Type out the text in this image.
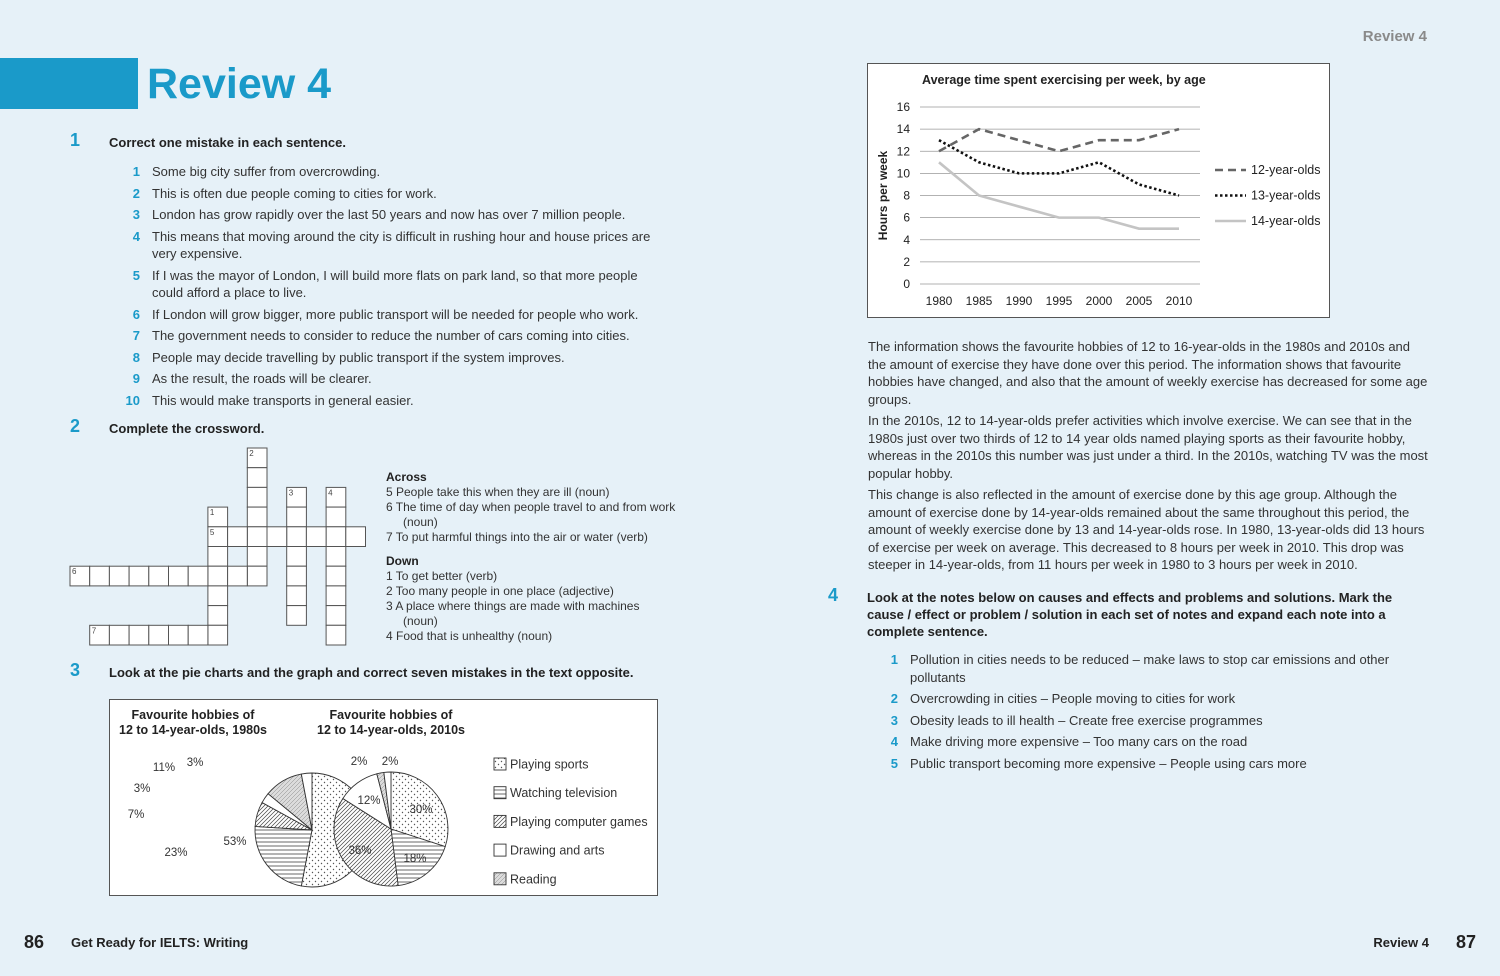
Review 4
Review 4
1 Correct one mistake in each sentence.
1 Some big city suffer from overcrowding.
2 This is often due people coming to cities for work.
3 London has grow rapidly over the last 50 years and now has over 7 million people.
4 This means that moving around the city is difficult in rushing hour and house prices are very expensive.
5 If I was the mayor of London, I will build more flats on park land, so that more people could afford a place to live.
6 If London will grow bigger, more public transport will be needed for people who work.
7 The government needs to consider to reduce the number of cars coming into cities.
8 People may decide travelling by public transport if the system improves.
9 As the result, the roads will be clearer.
10 This would make transports in general easier.
2 Complete the crossword.
1
2
3	4
5
6
7
Across
5 People take this when they are ill (noun)
6 The time of day when people travel to and from work (noun)
7 To put harmful things into the air or water (verb)
Down
1 To get better (verb)
2 Too many people in one place (adjective)
3 A place where things are made with machines (noun)
4 Food that is unhealthy (noun)
3 Look at the pie charts and the graph and correct seven mistakes in the text opposite.
Favourite hobbies of
12 to 14-year-olds, 1980s
Favourite hobbies of
12 to 14-year-olds, 2010s
53%
23%
7%
3%
11% 3%
30%
18%
36%
12%
2% 2%	Playing sports
Watching television
Playing computer games
Drawing and arts
Reading
Average time spent exercising per week, by age
0
2
4
6
8
10
12
14
16
1980 1985 1990 1995 2000 2005 2010
Hours per week	12-year-olds
13-year-olds
14-year-olds

The information shows the favourite hobbies of 12 to 16-year-olds in the 1980s and 2010s and the amount of exercise they have done over this period. The information shows that favourite hobbies have changed, and also that the amount of weekly exercise has decreased for some age groups.

In the 2010s, 12 to 14-year-olds prefer activities which involve exercise. We can see that in the 1980s just over two thirds of 12 to 14 year olds named playing sports as their favourite hobby, whereas in the 2010s this number was just under a third. In the 2010s, watching TV was the most popular hobby.

This change is also reflected in the amount of exercise done by this age group. Although the amount of exercise done by 14-year-olds remained about the same throughout this period, the amount of weekly exercise done by 13 and 14-year-olds rose. In 1980, 13-year-olds did 13 hours of exercise per week on average. This decreased to 8 hours per week in 2010. This drop was steeper in 14-year-olds, from 11 hours per week in 1980 to 3 hours per week in 2010.

4 Look at the notes below on causes and effects and problems and solutions. Mark the cause / effect or problem / solution in each set of notes and expand each note into a complete sentence.
1 Pollution in cities needs to be reduced – make laws to stop car emissions and other pollutants
2 Overcrowding in cities – People moving to cities for work
3 Obesity leads to ill health – Create free exercise programmes
4 Make driving more expensive – Too many cars on the road
5 Public transport becoming more expensive – People using cars more
86 Get Ready for IELTS: Writing	Review 4 87
